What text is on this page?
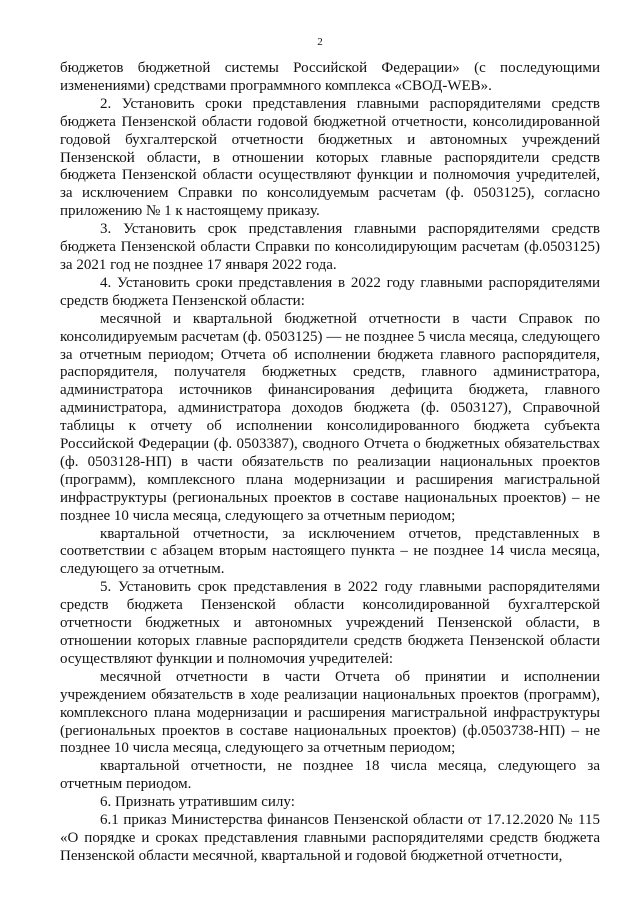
2

бюджетов бюджетной системы Российской Федерации» (с последующими изменениями) средствами программного комплекса «СВОД-WEB».

2. Установить сроки представления главными распорядителями средств бюджета Пензенской области годовой бюджетной отчетности, консолидированной годовой бухгалтерской отчетности бюджетных и автономных учреждений Пензенской области, в отношении которых главные распорядители средств бюджета Пензенской области осуществляют функции и полномочия учредителей, за исключением Справки по консолидуемым расчетам (ф. 0503125), согласно приложению № 1 к настоящему приказу.

3. Установить срок представления главными распорядителями средств бюджета Пензенской области Справки по консолидирующим расчетам (ф.0503125) за 2021 год не позднее 17 января 2022 года.

4. Установить сроки представления в 2022 году главными распорядителями средств бюджета Пензенской области:

месячной и квартальной бюджетной отчетности в части Справок по консолидируемым расчетам (ф. 0503125) — не позднее 5 числа месяца, следующего за отчетным периодом; Отчета об исполнении бюджета главного распорядителя, распорядителя, получателя бюджетных средств, главного администратора, администратора источников финансирования дефицита бюджета, главного администратора, администратора доходов бюджета (ф. 0503127), Справочной таблицы к отчету об исполнении консолидированного бюджета субъекта Российской Федерации (ф. 0503387), сводного Отчета о бюджетных обязательствах (ф. 0503128-НП) в части обязательств по реализации национальных проектов (программ), комплексного плана модернизации и расширения магистральной инфраструктуры (региональных проектов в составе национальных проектов) – не позднее 10 числа месяца, следующего за отчетным периодом;

квартальной отчетности, за исключением отчетов, представленных в соответствии с абзацем вторым настоящего пункта – не позднее 14 числа месяца, следующего за отчетным.

5. Установить срок представления в 2022 году главными распорядителями средств бюджета Пензенской области консолидированной бухгалтерской отчетности бюджетных и автономных учреждений Пензенской области, в отношении которых главные распорядители средств бюджета Пензенской области осуществляют функции и полномочия учредителей:

месячной отчетности в части Отчета об принятии и исполнении учреждением обязательств в ходе реализации национальных проектов (программ), комплексного плана модернизации и расширения магистральной инфраструктуры (региональных проектов в составе национальных проектов) (ф.0503738-НП) – не позднее 10 числа месяца, следующего за отчетным периодом;

квартальной отчетности, не позднее 18 числа месяца, следующего за отчетным периодом.

6. Признать утратившим силу:

6.1 приказ Министерства финансов Пензенской области от 17.12.2020 № 115 «О порядке и сроках представления главными распорядителями средств бюджета Пензенской области месячной, квартальной и годовой бюджетной отчетности,
